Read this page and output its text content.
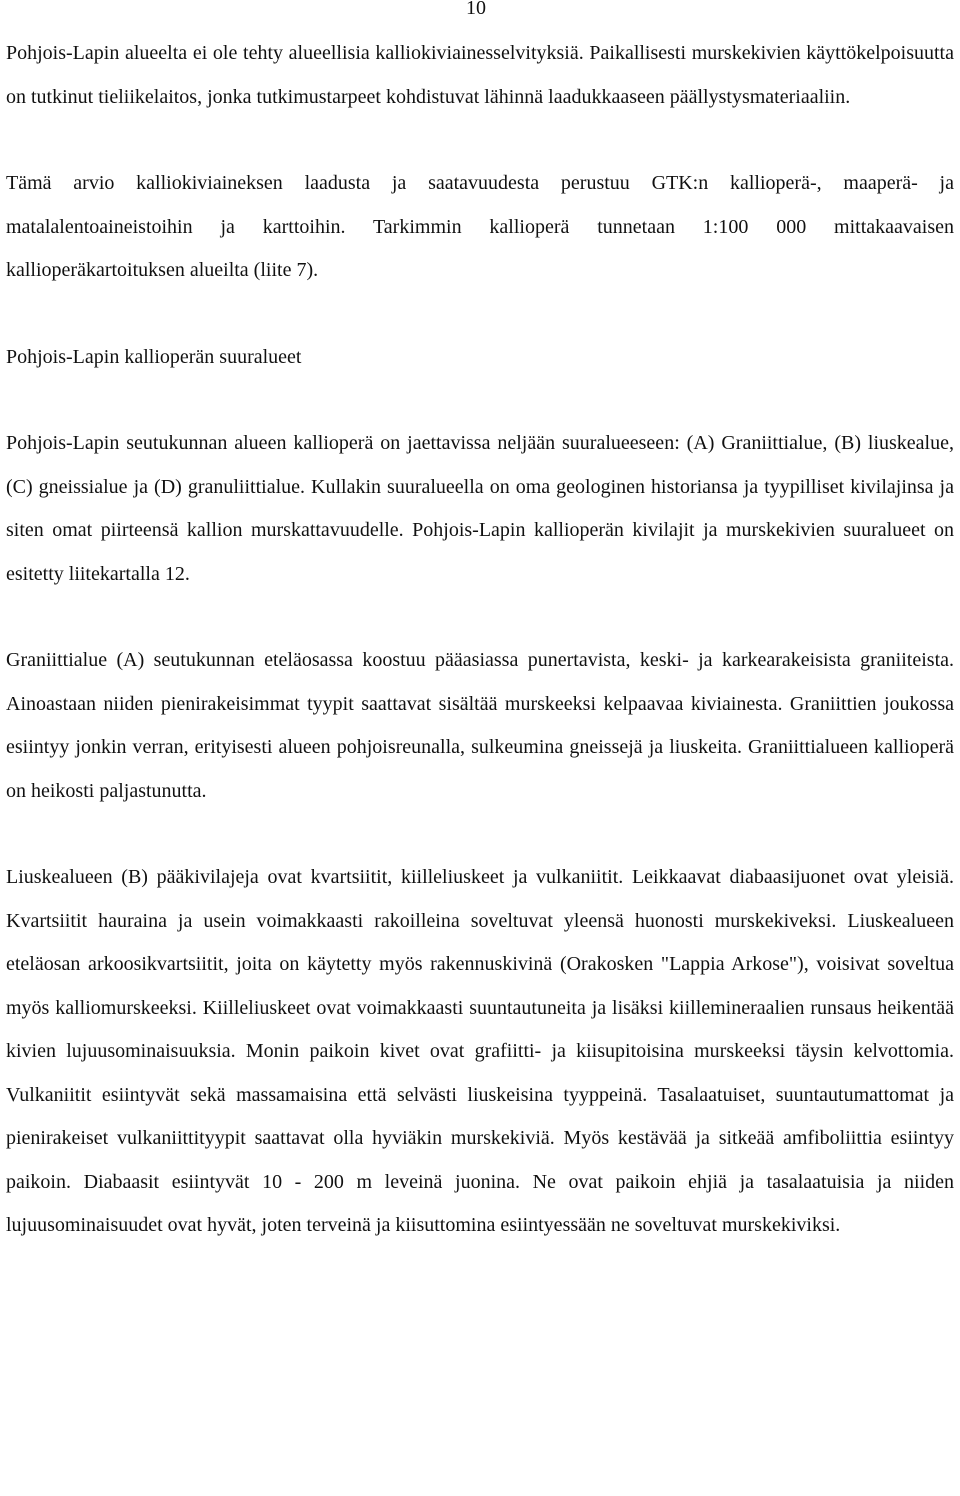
10

Pohjois-Lapin alueelta ei ole tehty alueellisia kalliokiviainesselvityksiä. Paikallisesti murskekivien käyttökelpoisuutta on tutkinut tieliikelaitos, jonka tutkimustarpeet kohdistuvat lähinnä laadukkaaseen päällystysmateriaaliin.

Tämä arvio kalliokiviaineksen laadusta ja saatavuudesta perustuu GTK:n kallioperä-, maaperä- ja matalalentoaineistoihin ja karttoihin. Tarkimmin kallioperä tunnetaan 1:100 000 mittakaavaisen kallioperäkartoituksen alueilta (liite 7).

Pohjois-Lapin kallioperän suuralueet

Pohjois-Lapin seutukunnan alueen kallioperä on jaettavissa neljään suuralueeseen: (A) Graniittialue, (B) liuskealue, (C) gneissialue ja (D) granuliittialue. Kullakin suuralueella on oma geologinen historiansa ja tyypilliset kivilajinsa ja siten omat piirteensä kallion murskattavuudelle. Pohjois-Lapin kallioperän kivilajit ja murskekivien suuralueet on esitetty liitekartalla 12.

Graniittialue (A) seutukunnan eteläosassa koostuu pääasiassa punertavista, keski- ja karkearakeisista graniiteista. Ainoastaan niiden pienirakeisimmat tyypit saattavat sisältää murskeeksi kelpaavaa kiviainesta. Graniittien joukossa esiintyy jonkin verran, erityisesti alueen pohjoisreunalla, sulkeumina gneissejä ja liuskeita. Graniittialueen kallioperä on heikosti paljastunutta.

Liuskealueen (B) pääkivilajeja ovat kvartsiitit, kiilleliuskeet ja vulkaniitit. Leikkaavat diabaasijuonet ovat yleisiä. Kvartsiitit hauraina ja usein voimakkaasti rakoilleina soveltuvat yleensä huonosti murskekiveksi. Liuskealueen eteläosan arkoosikvartsiitit, joita on käytetty myös rakennuskivinä (Orakosken "Lappia Arkose"), voisivat soveltua myös kalliomurskeeksi. Kiilleliuskeet ovat voimakkaasti suuntautuneita ja lisäksi kiilleminerаalien runsaus heikentää kivien lujuusominaisuuksia. Monin paikoin kivet ovat grafiitti- ja kiisupitoisina murskeeksi täysin kelvottomia. Vulkaniitit esiintyvät sekä massamaisina että selvästi liuskeisina tyyppeinä. Tasalaatuiset, suuntautumattomat ja pienirakeiset vulkaniittityypit saattavat olla hyviäkin murskekiviä. Myös kestävää ja sitkeää amfiboliittia esiintyy paikoin. Diabaasit esiintyvät 10 - 200 m leveinä juonina. Ne ovat paikoin ehjiä ja tasalaatuisia ja niiden lujuusominaisuudet ovat hyvät, joten terveinä ja kiisuttomina esiintyessään ne soveltuvat murskekiviksi.
